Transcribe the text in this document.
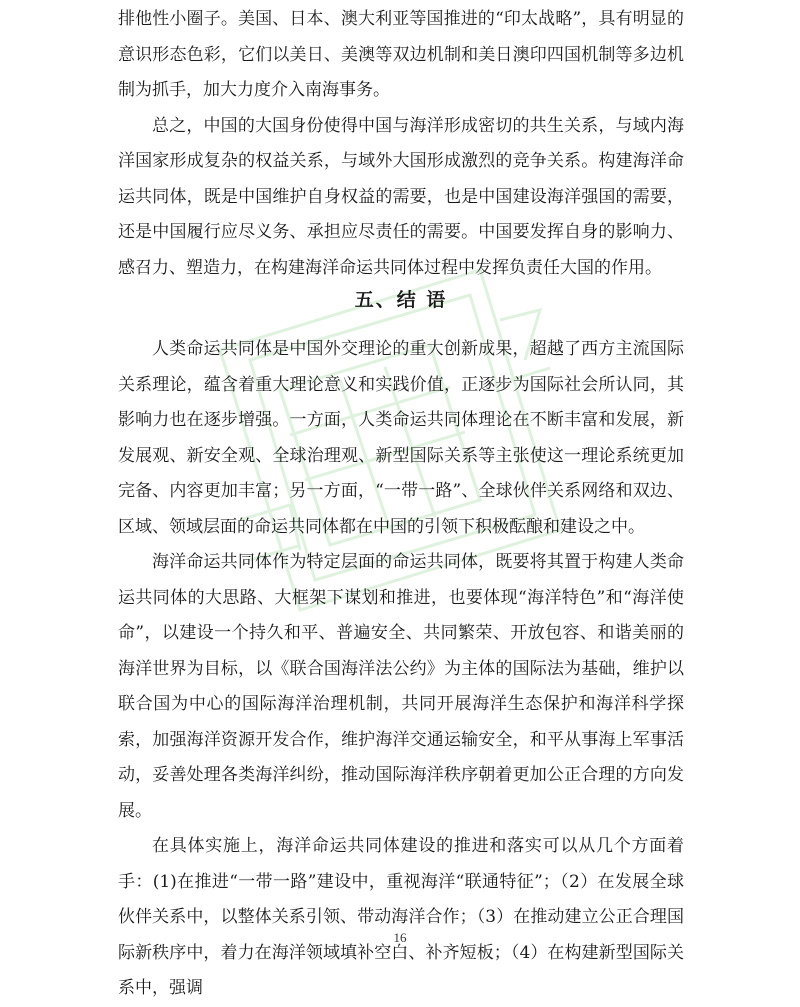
排他性小圈子。美国、日本、澳大利亚等国推进的“印太战略”，具有明显的意识形态色彩，它们以美日、美澳等双边机制和美日澳印四国机制等多边机制为抓手，加大力度介入南海事务。

总之，中国的大国身份使得中国与海洋形成密切的共生关系，与域内海洋国家形成复杂的权益关系，与域外大国形成激烈的竞争关系。构建海洋命运共同体，既是中国维护自身权益的需要，也是中国建设海洋强国的需要，还是中国履行应尽义务、承担应尽责任的需要。中国要发挥自身的影响力、感召力、塑造力，在构建海洋命运共同体过程中发挥负责任大国的作用。

五、结 语

人类命运共同体是中国外交理论的重大创新成果，超越了西方主流国际关系理论，蕴含着重大理论意义和实践价值，正逐步为国际社会所认同，其影响力也在逐步增强。一方面，人类命运共同体理论在不断丰富和发展，新发展观、新安全观、全球治理观、新型国际关系等主张使这一理论系统更加完备、内容更加丰富；另一方面，“一带一路”、全球伙伴关系网络和双边、区域、领域层面的命运共同体都在中国的引领下积极酝酿和建设之中。

海洋命运共同体作为特定层面的命运共同体，既要将其置于构建人类命运共同体的大思路、大框架下谋划和推进，也要体现“海洋特色”和“海洋使命”，以建设一个持久和平、普遍安全、共同繁荣、开放包容、和谐美丽的海洋世界为目标，以《联合国海洋法公约》为主体的国际法为基础，维护以联合国为中心的国际海洋治理机制，共同开展海洋生态保护和海洋科学探索，加强海洋资源开发合作，维护海洋交通运输安全，和平从事海上军事活动，妥善处理各类海洋纠纷，推动国际海洋秩序朝着更加公正合理的方向发展。

在具体实施上，海洋命运共同体建设的推进和落实可以从几个方面着手：(1)在推进“一带一路”建设中，重视海洋“联通特征”；（2）在发展全球伙伴关系中，以整体关系引领、带动海洋合作；（3）在推动建立公正合理国际新秩序中，着力在海洋领域填补空白、补齐短板；（4）在构建新型国际关系中，强调

16
